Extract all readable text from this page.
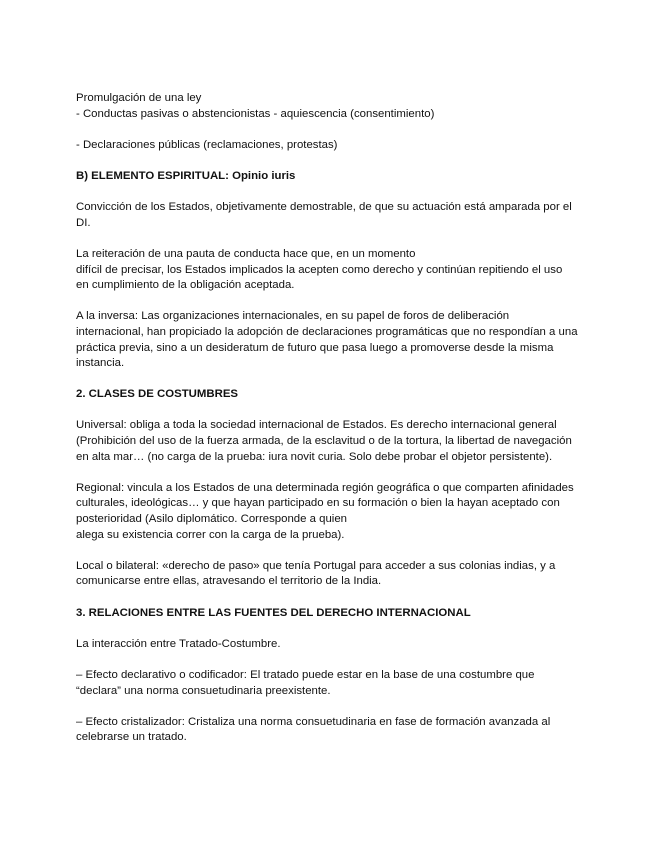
Promulgación de una ley
- Conductas pasivas o abstencionistas - aquiescencia (consentimiento)

- Declaraciones públicas (reclamaciones, protestas)

B) ELEMENTO ESPIRITUAL: Opinio iuris

Convicción de los Estados, objetivamente demostrable, de que su actuación está amparada por el DI.

La reiteración de una pauta de conducta hace que, en un momento
difícil de precisar, los Estados implicados la acepten como derecho y continúan repitiendo el uso en cumplimiento de la obligación aceptada.

A la inversa: Las organizaciones internacionales, en su papel de foros de deliberación internacional, han propiciado la adopción de declaraciones programáticas que no respondían a una práctica previa, sino a un desideratum de futuro que pasa luego a promoverse desde la misma instancia.

2. CLASES DE COSTUMBRES

Universal: obliga a toda la sociedad internacional de Estados. Es derecho internacional general (Prohibición del uso de la fuerza armada, de la esclavitud o de la tortura, la libertad de navegación en alta mar… (no carga de la prueba: iura novit curia. Solo debe probar el objetor persistente).

Regional: vincula a los Estados de una determinada región geográfica o que comparten afinidades culturales, ideológicas… y que hayan participado en su formación o bien la hayan aceptado con posterioridad (Asilo diplomático. Corresponde a quien
alega su existencia correr con la carga de la prueba).

Local o bilateral: «derecho de paso» que tenía Portugal para acceder a sus colonias indias, y a comunicarse entre ellas, atravesando el territorio de la India.

3. RELACIONES ENTRE LAS FUENTES DEL DERECHO INTERNACIONAL

La interacción entre Tratado-Costumbre.

– Efecto declarativo o codificador: El tratado puede estar en la base de una costumbre que “declara” una norma consuetudinaria preexistente.

– Efecto cristalizador: Cristaliza una norma consuetudinaria en fase de formación avanzada al celebrarse un tratado.
